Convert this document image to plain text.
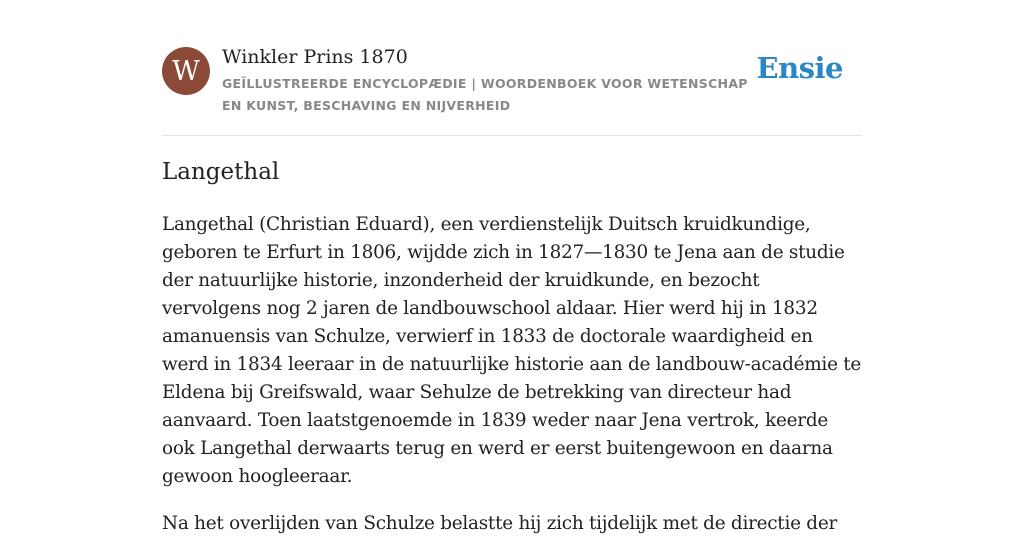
W Winkler Prins 1870
GEÏLLUSTREERDE ENCYCLOPÆDIE | WOORDENBOEK VOOR WETENSCHAP EN KUNST, BESCHAVING EN NIJVERHEID
Ensie
Langethal

Langethal (Christian Eduard), een verdienstelijk Duitsch kruidkundige, geboren te Erfurt in 1806, wijdde zich in 1827—1830 te Jena aan de studie der natuurlijke historie, inzonderheid der kruidkunde, en bezocht vervolgens nog 2 jaren de landbouwschool aldaar. Hier werd hij in 1832 amanuensis van Schulze, verwierf in 1833 de doctorale waardigheid en werd in 1834 leeraar in de natuurlijke historie aan de landbouw-académie te Eldena bij Greifswald, waar Sehulze de betrekking van directeur had aanvaard. Toen laatstgenoemde in 1839 weder naar Jena vertrok, keerde ook Langethal derwaarts terug en werd er eerst buitengewoon en daarna gewoon hoogleeraar.

Na het overlijden van Schulze belastte hij zich tijdelijk met de directie der
